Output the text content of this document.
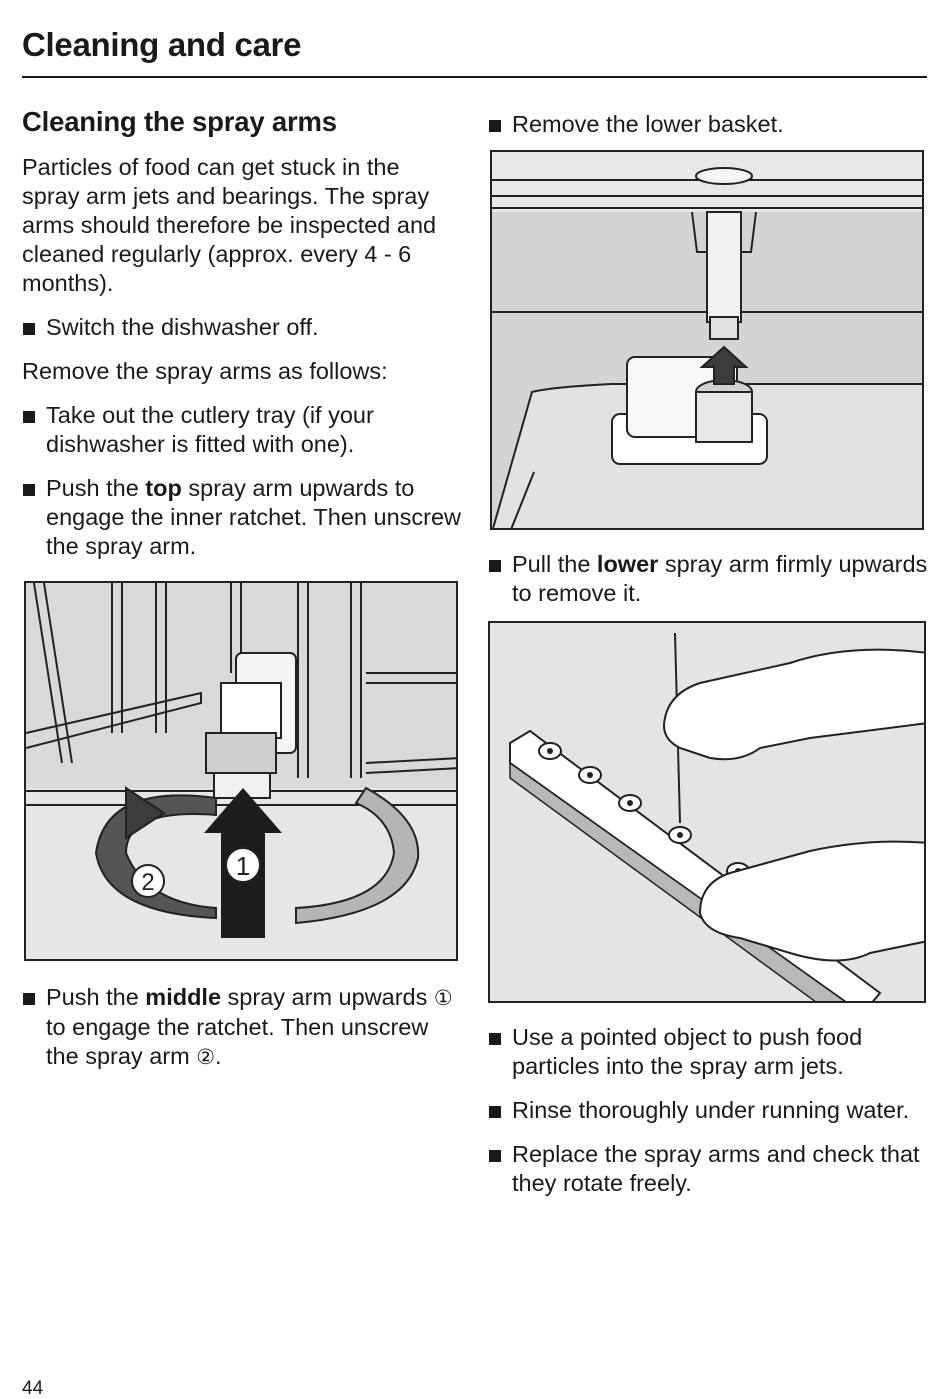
Cleaning and care
Cleaning the spray arms

Particles of food can get stuck in the spray arm jets and bearings. The spray arms should therefore be inspected and cleaned regularly (approx. every 4 - 6 months).

Switch the dishwasher off.

Remove the spray arms as follows:

Take out the cutlery tray (if your dishwasher is fitted with one).
Push the top spray arm upwards to engage the inner ratchet. Then unscrew the spray arm.
1
2
Push the middle spray arm upwards ① to engage the ratchet. Then unscrew the spray arm ②.
Remove the lower basket.
Pull the lower spray arm firmly upwards to remove it.
Use a pointed object to push food particles into the spray arm jets.
Rinse thoroughly under running water.
Replace the spray arms and check that they rotate freely.
44
